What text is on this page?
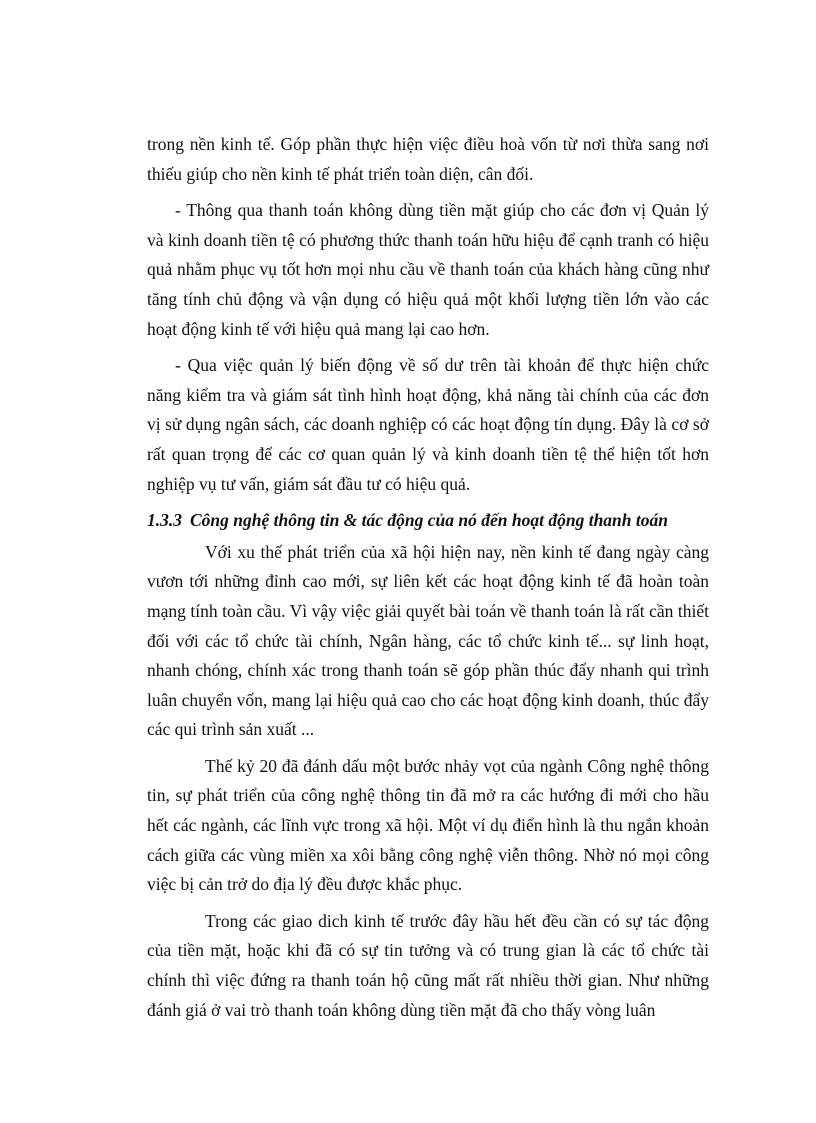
trong nền kinh tế. Góp phần thực hiện việc điều hoà vốn từ nơi thừa sang nơi thiếu giúp cho nền kinh tế phát triển toàn diện, cân đối.

- Thông qua thanh toán không dùng tiền mặt giúp cho các đơn vị Quản lý và kinh doanh tiền tệ có phương thức thanh toán hữu hiệu để cạnh tranh có hiệu quả nhằm phục vụ tốt hơn mọi nhu cầu về thanh toán của khách hàng cũng như tăng tính chủ động và vận dụng có hiệu quả một khối lượng tiền lớn vào các hoạt động kinh tế với hiệu quả mang lại cao hơn.

- Qua việc quản lý biến động về số dư trên tài khoản để thực hiện chức năng kiểm tra và giám sát tình hình hoạt động, khả năng tài chính của các đơn vị sử dụng ngân sách, các doanh nghiệp có các hoạt động tín dụng. Đây là cơ sở rất quan trọng để các cơ quan quản lý và kinh doanh tiền tệ thể hiện tốt hơn nghiệp vụ tư vấn, giám sát đầu tư có hiệu quả.

1.3.3 Công nghệ thông tin & tác động của nó đến hoạt động thanh toán

Với xu thế phát triển của xã hội hiện nay, nền kinh tế đang ngày càng vươn tới những đỉnh cao mới, sự liên kết các hoạt động kinh tế đã hoàn toàn mạng tính toàn cầu. Vì vậy việc giải quyết bài toán về thanh toán là rất cần thiết đối với các tổ chức tài chính, Ngân hàng, các tổ chức kinh tế... sự linh hoạt, nhanh chóng, chính xác trong thanh toán sẽ góp phần thúc đẩy nhanh qui trình luân chuyển vốn, mang lại hiệu quả cao cho các hoạt động kinh doanh, thúc đẩy các qui trình sản xuất ...

Thế kỷ 20 đã đánh dấu một bước nhảy vọt của ngành Công nghệ thông tin, sự phát triển của công nghệ thông tin đã mở ra các hướng đi mới cho hầu hết các ngành, các lĩnh vực trong xã hội. Một ví dụ điển hình là thu ngắn khoản cách giữa các vùng miền xa xôi bằng công nghệ viễn thông. Nhờ nó mọi công việc bị cản trở do địa lý đều được khắc phục.

Trong các giao dich kinh tế trước đây hầu hết đều cần có sự tác động của tiền mặt, hoặc khi đã có sự tin tưởng và có trung gian là các tổ chức tài chính thì việc đứng ra thanh toán hộ cũng mất rất nhiều thời gian. Như những đánh giá ở vai trò thanh toán không dùng tiền mặt đã cho thấy vòng luân
